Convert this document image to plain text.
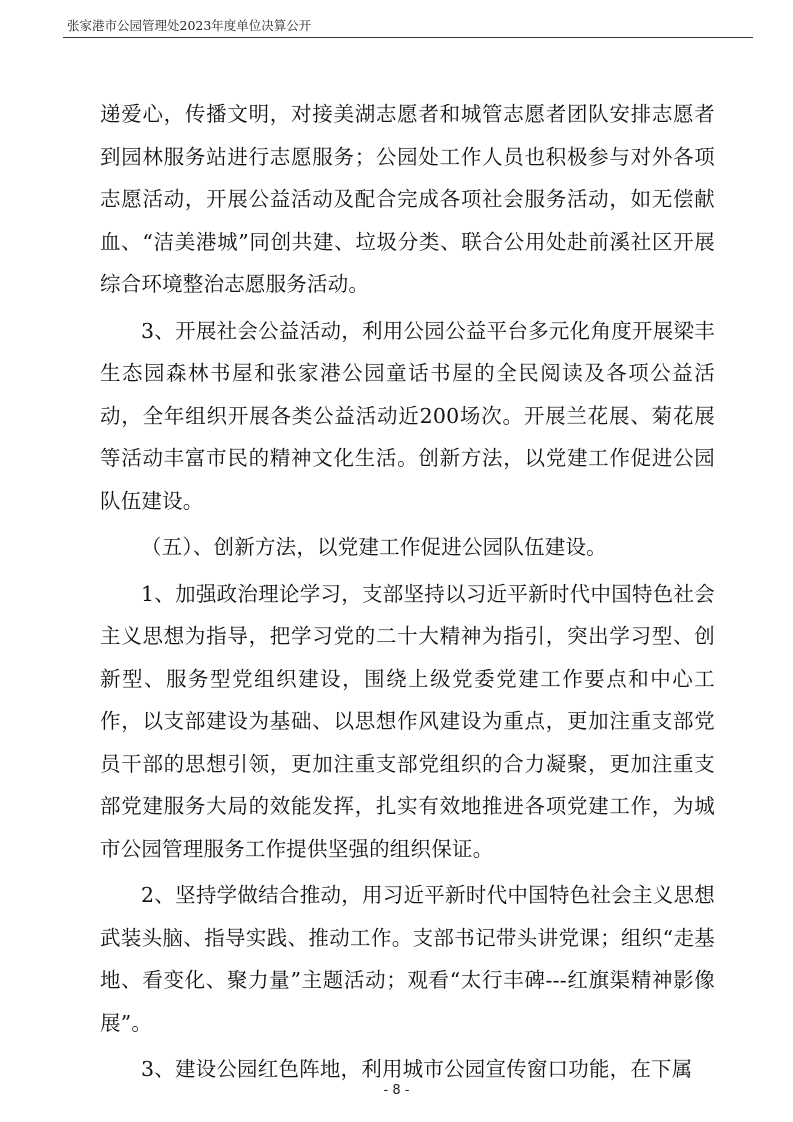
张家港市公园管理处2023年度单位决算公开

递爱心，传播文明，对接美湖志愿者和城管志愿者团队安排志愿者到园林服务站进行志愿服务；公园处工作人员也积极参与对外各项志愿活动，开展公益活动及配合完成各项社会服务活动，如无偿献血、“洁美港城”同创共建、垃圾分类、联合公用处赴前溪社区开展综合环境整治志愿服务活动。

3、开展社会公益活动，利用公园公益平台多元化角度开展梁丰生态园森林书屋和张家港公园童话书屋的全民阅读及各项公益活动，全年组织开展各类公益活动近200场次。开展兰花展、菊花展等活动丰富市民的精神文化生活。创新方法，以党建工作促进公园队伍建设。

（五）、创新方法，以党建工作促进公园队伍建设。

1、加强政治理论学习，支部坚持以习近平新时代中国特色社会主义思想为指导，把学习党的二十大精神为指引，突出学习型、创新型、服务型党组织建设，围绕上级党委党建工作要点和中心工作，以支部建设为基础、以思想作风建设为重点，更加注重支部党员干部的思想引领，更加注重支部党组织的合力凝聚，更加注重支部党建服务大局的效能发挥，扎实有效地推进各项党建工作，为城市公园管理服务工作提供坚强的组织保证。

2、坚持学做结合推动，用习近平新时代中国特色社会主义思想武装头脑、指导实践、推动工作。支部书记带头讲党课；组织“走基地、看变化、聚力量”主题活动；观看“太行丰碑---红旗渠精神影像展”。

3、建设公园红色阵地，利用城市公园宣传窗口功能，在下属

- 8 -
